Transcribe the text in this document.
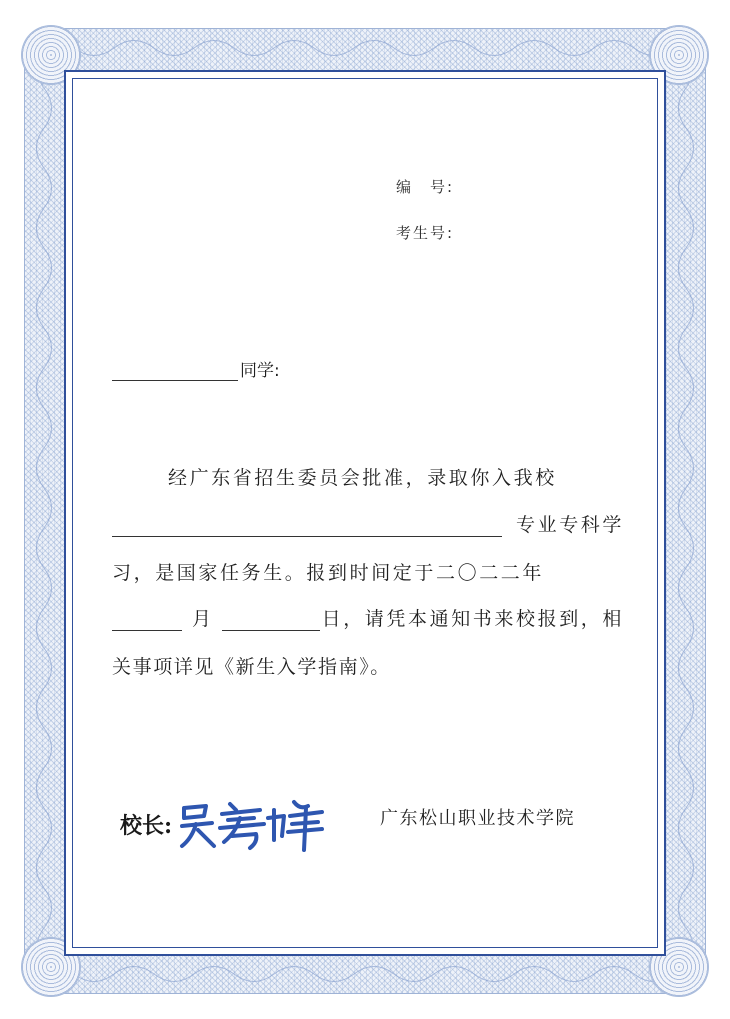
编　号:
考生号:
同学:
经广东省招生委员会批准，录取你入我校
专业专科学
习，是国家任务生。报到时间定于二〇二二年
月	日，请凭本通知书来校报到，相
关事项详见《新生入学指南》。
校长:	广东松山职业技术学院
